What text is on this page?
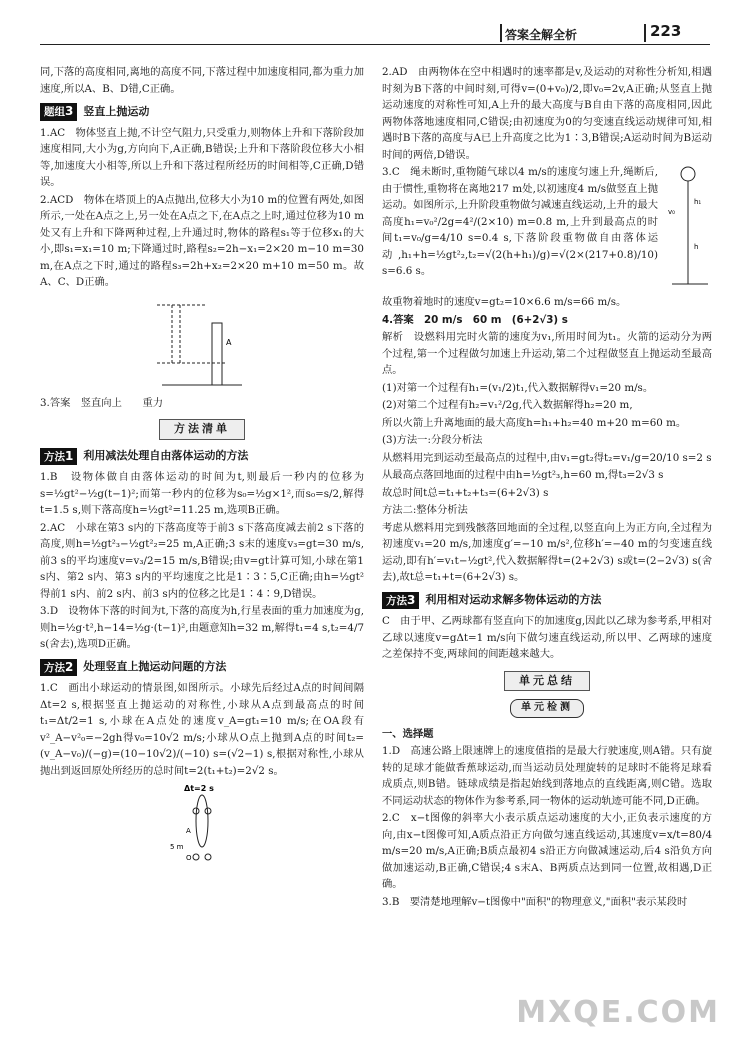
答案全解全析	223

同,下落的高度相同,离地的高度不同,下落过程中加速度相同,都为重力加速度,所以A、B、D错,C正确。

题组3 竖直上抛运动

1.AC　物体竖直上抛,不计空气阻力,只受重力,则物体上升和下落阶段加速度相同,大小为g,方向向下,A正确,B错误;上升和下落阶段位移大小相等,加速度大小相等,所以上升和下落过程所经历的时间相等,C正确,D错误。

2.ACD　物体在塔顶上的A点抛出,位移大小为10 m的位置有两处,如图所示,一处在A点之上,另一处在A点之下,在A点之上时,通过位移为10 m处又有上升和下降两种过程,上升通过时,物体的路程s₁等于位移x₁的大小,即s₁=x₁=10 m;下降通过时,路程s₂=2h−x₁=2×20 m−10 m=30 m,在A点之下时,通过的路程s₃=2h+x₂=2×20 m+10 m=50 m。故A、C、D正确。

A

3.答案　竖直向上　　重力

方法清单
方法1 利用减法处理自由落体运动的方法

1.B　设物体做自由落体运动的时间为t,则最后一秒内的位移为s=½gt²−½g(t−1)²;而第一秒内的位移为s₀=½g×1²,而s₀=s/2,解得t=1.5 s,则下落高度h=½gt²=11.25 m,选项B正确。

2.AC　小球在第3 s内的下落高度等于前3 s下落高度减去前2 s下落的高度,则h=½gt²₃−½gt²₂=25 m,A正确;3 s末的速度v₃=gt=30 m/s,前3 s的平均速度v=v₃/2=15 m/s,B错误;由v=gt计算可知,小球在第1 s内、第2 s内、第3 s内的平均速度之比是1∶3∶5,C正确;由h=½gt²得前1 s内、前2 s内、前3 s内的位移之比是1∶4∶9,D错误。

3.D　设物体下落的时间为t,下落的高度为h,行星表面的重力加速度为g,则h=½g·t²,h−14=½g·(t−1)²,由题意知h=32 m,解得t₁=4 s,t₂=4/7 s(舍去),选项D正确。

方法2 处理竖直上抛运动问题的方法

1.C　画出小球运动的情景图,如图所示。小球先后经过A点的时间间隔Δt=2 s,根据竖直上抛运动的对称性,小球从A点到最高点的时间t₁=Δt/2=1 s,小球在A点处的速度v_A=gt₁=10 m/s;在OA段有v²_A−v²₀=−2gh得v₀=10√2 m/s;小球从O点上抛到A点的时间t₂=(v_A−v₀)/(−g)=(10−10√2)/(−10) s=(√2−1) s,根据对称性,小球从抛出到返回原处所经历的总时间t=2(t₁+t₂)=2√2 s。

Δt=2 s
A
O
5 m

2.AD　由两物体在空中相遇时的速率都是v,及运动的对称性分析知,相遇时刻为B下落的中间时刻,可得v=(0+v₀)/2,即v₀=2v,A正确;从竖直上抛运动速度的对称性可知,A上升的最大高度与B自由下落的高度相同,因此两物体落地速度相同,C错误;由初速度为0的匀变速直线运动规律可知,相遇时B下落的高度与A已上升高度之比为1∶3,B错误;A运动时间为B运动时间的两倍,D错误。

3.C　绳未断时,重物随气球以4 m/s的速度匀速上升,绳断后,由于惯性,重物将在离地217 m处,以初速度4 m/s做竖直上抛运动。如图所示,上升阶段重物做匀减速直线运动,上升的最大高度h₁=v₀²/2g=4²/(2×10) m=0.8 m,上升到最高点的时间t₁=v₀/g=4/10 s=0.4 s,下落阶段重物做自由落体运动,h₁+h=½gt²₂,t₂=√(2(h+h₁)/g)=√(2×(217+0.8)/10) s=6.6 s。

v₀
h₁
h

故重物着地时的速度v=gt₂=10×6.6 m/s=66 m/s。

4.答案　20 m/s　60 m　(6+2√3) s

解析　设燃料用完时火箭的速度为v₁,所用时间为t₁。火箭的运动分为两个过程,第一个过程做匀加速上升运动,第二个过程做竖直上抛运动至最高点。

(1)对第一个过程有h₁=(v₁/2)t₁,代入数据解得v₁=20 m/s。

(2)对第二个过程有h₂=v₁²/2g,代入数据解得h₂=20 m,

所以火箭上升离地面的最大高度h=h₁+h₂=40 m+20 m=60 m。

(3)方法一:分段分析法

从燃料用完到运动至最高点的过程中,由v₁=gt₂得t₂=v₁/g=20/10 s=2 s

从最高点落回地面的过程中由h=½gt²₃,h=60 m,得t₃=2√3 s

故总时间t总=t₁+t₂+t₃=(6+2√3) s

方法二:整体分析法

考虑从燃料用完到残骸落回地面的全过程,以竖直向上为正方向,全过程为初速度v₁=20 m/s,加速度g′=−10 m/s²,位移h′=−40 m的匀变速直线运动,即有h′=v₁t−½gt²,代入数据解得t=(2+2√3) s或t=(2−2√3) s(舍去),故t总=t₁+t=(6+2√3) s。

方法3 利用相对运动求解多物体运动的方法

C　由于甲、乙两球都有竖直向下的加速度g,因此以乙球为参考系,甲相对乙球以速度v=gΔt=1 m/s向下做匀速直线运动,所以甲、乙两球的速度之差保持不变,两球间的间距越来越大。

单元总结
单元检测

一、选择题

1.D　高速公路上限速牌上的速度值指的是最大行驶速度,则A错。只有旋转的足球才能做香蕉球运动,而当运动员处理旋转的足球时不能将足球看成质点,则B错。链球成绩是指起始线到落地点的直线距离,则C错。选取不同运动状态的物体作为参考系,同一物体的运动轨迹可能不同,D正确。

2.C　x−t图像的斜率大小表示质点运动速度的大小,正负表示速度的方向,由x−t图像可知,A质点沿正方向做匀速直线运动,其速度v=x/t=80/4 m/s=20 m/s,A正确;B质点最初4 s沿正方向做减速运动,后4 s沿负方向做加速运动,B正确,C错误;4 s末A、B两质点达到同一位置,故相遇,D正确。

3.B　要清楚地理解v−t图像中"面积"的物理意义,"面积"表示某段时

MXQE.COM
